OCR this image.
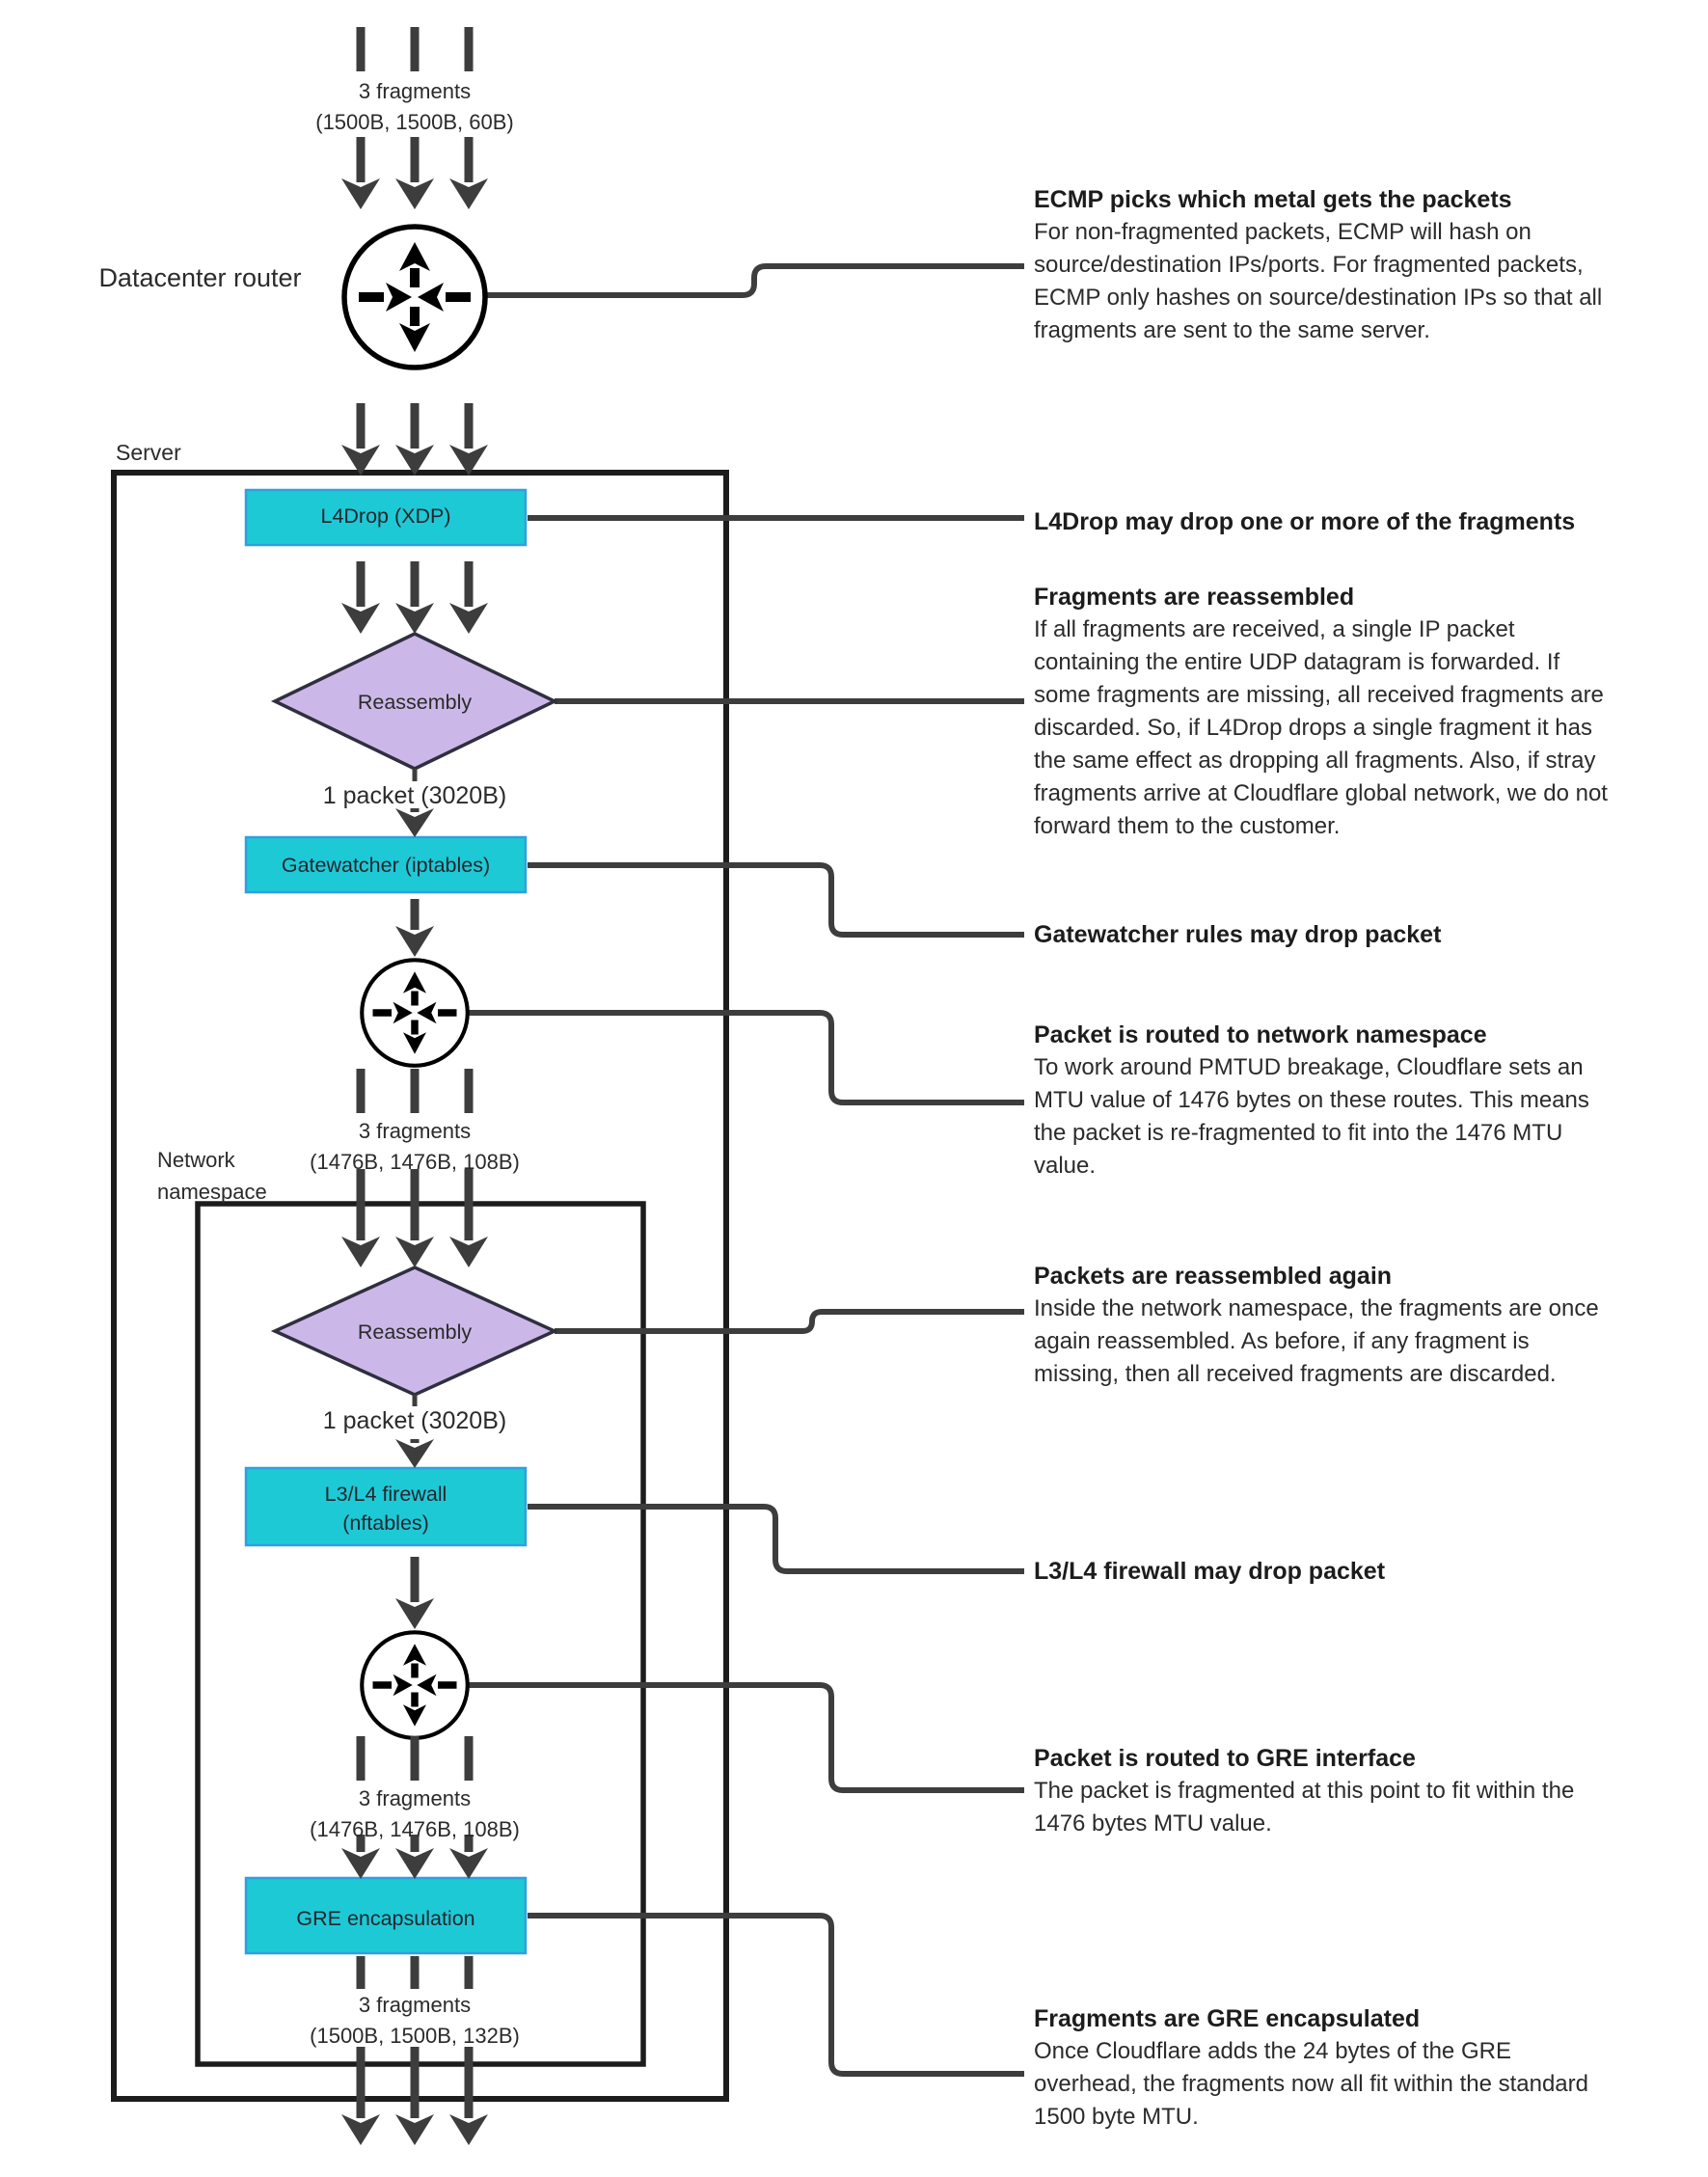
3 fragments
(1500B, 1500B, 60B)
Datacenter router
Server
L4Drop (XDP)
Reassembly
1 packet (3020B)
Gatewatcher (iptables)
3 fragments
(1476B, 1476B, 108B)
Network namespace
Reassembly
1 packet (3020B)
L3/L4 firewall
(nftables)
3 fragments
(1476B, 1476B, 108B)
GRE encapsulation
3 fragments
(1500B, 1500B, 132B)
ECMP picks which metal gets the packets
For non-fragmented packets, ECMP will hash on source/destination IPs/ports. For fragmented packets, ECMP only hashes on source/destination IPs so that all fragments are sent to the same server.
L4Drop may drop one or more of the fragments
Fragments are reassembled
If all fragments are received, a single IP packet containing the entire UDP datagram is forwarded. If some fragments are missing, all received fragments are discarded. So, if L4Drop drops a single fragment it has the same effect as dropping all fragments. Also, if stray fragments arrive at Cloudflare global network, we do not forward them to the customer.
Gatewatcher rules may drop packet
Packet is routed to network namespace
To work around PMTUD breakage, Cloudflare sets an MTU value of 1476 bytes on these routes. This means the packet is re-fragmented to fit into the 1476 MTU value.
Packets are reassembled again
Inside the network namespace, the fragments are once again reassembled. As before, if any fragment is missing, then all received fragments are discarded.
L3/L4 firewall may drop packet
Packet is routed to GRE interface
The packet is fragmented at this point to fit within the 1476 bytes MTU value.
Fragments are GRE encapsulated
Once Cloudflare adds the 24 bytes of the GRE overhead, the fragments now all fit within the standard 1500 byte MTU.
